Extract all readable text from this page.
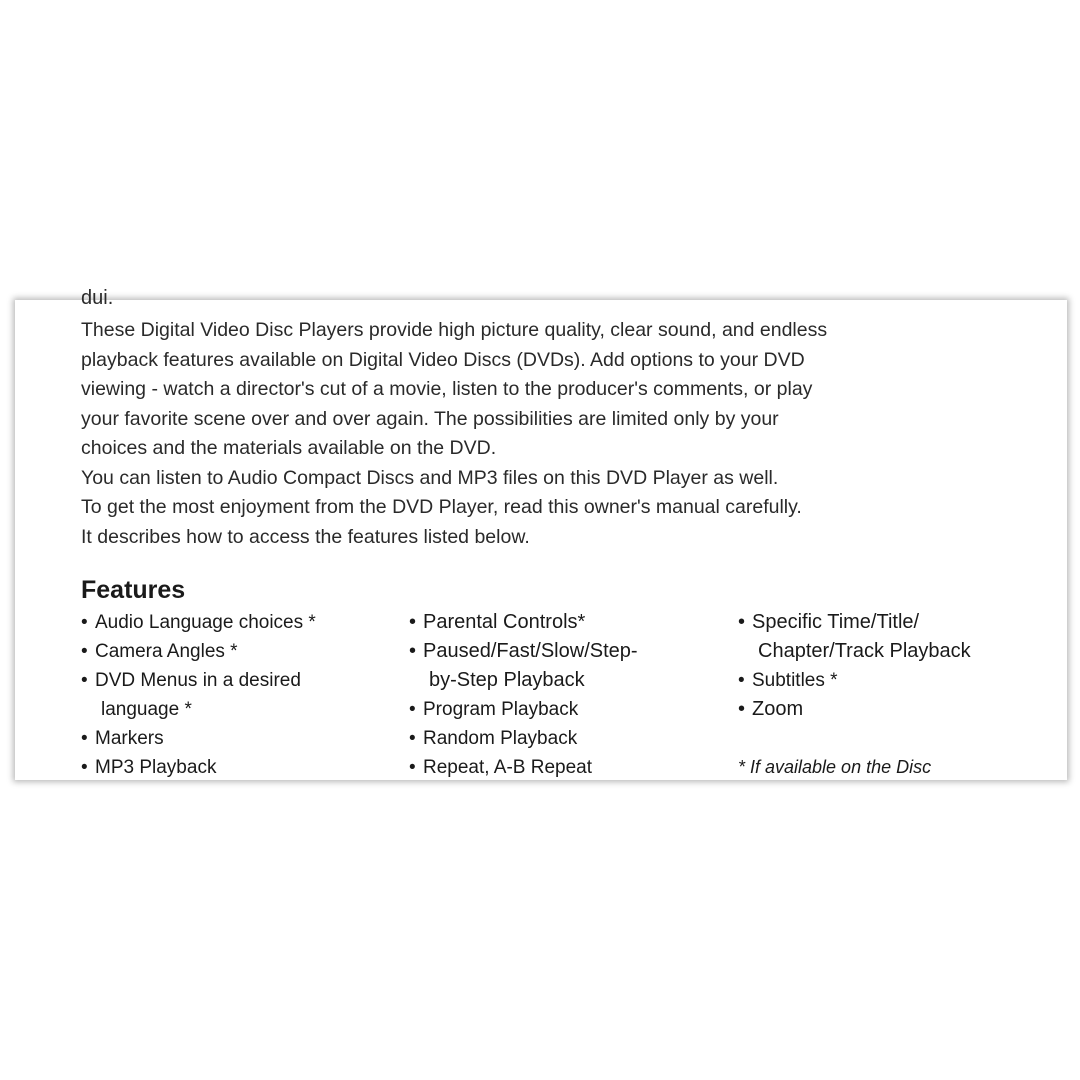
dui.

These Digital Video Disc Players provide high picture quality, clear sound, and endless

playback features available on Digital Video Discs (DVDs). Add options to your DVD

viewing - watch a director's cut of a movie, listen to the producer's comments, or play

your favorite scene over and over again. The possibilities are limited only by your

choices and the materials available on the DVD.

You can listen to Audio Compact Discs and MP3 files on this DVD Player as well.

To get the most enjoyment from the DVD Player, read this owner's manual carefully.

It describes how to access the features listed below.

Features
• Audio Language choices *
• Camera Angles *
• DVD Menus in a desired
language *
• Markers
• MP3 Playback
• Parental Controls*
• Paused/Fast/Slow/Step-
by-Step Playback
• Program Playback
• Random Playback
• Repeat, A-B Repeat
• Specific Time/Title/
Chapter/Track Playback
• Subtitles *
• Zoom
* If available on the Disc
